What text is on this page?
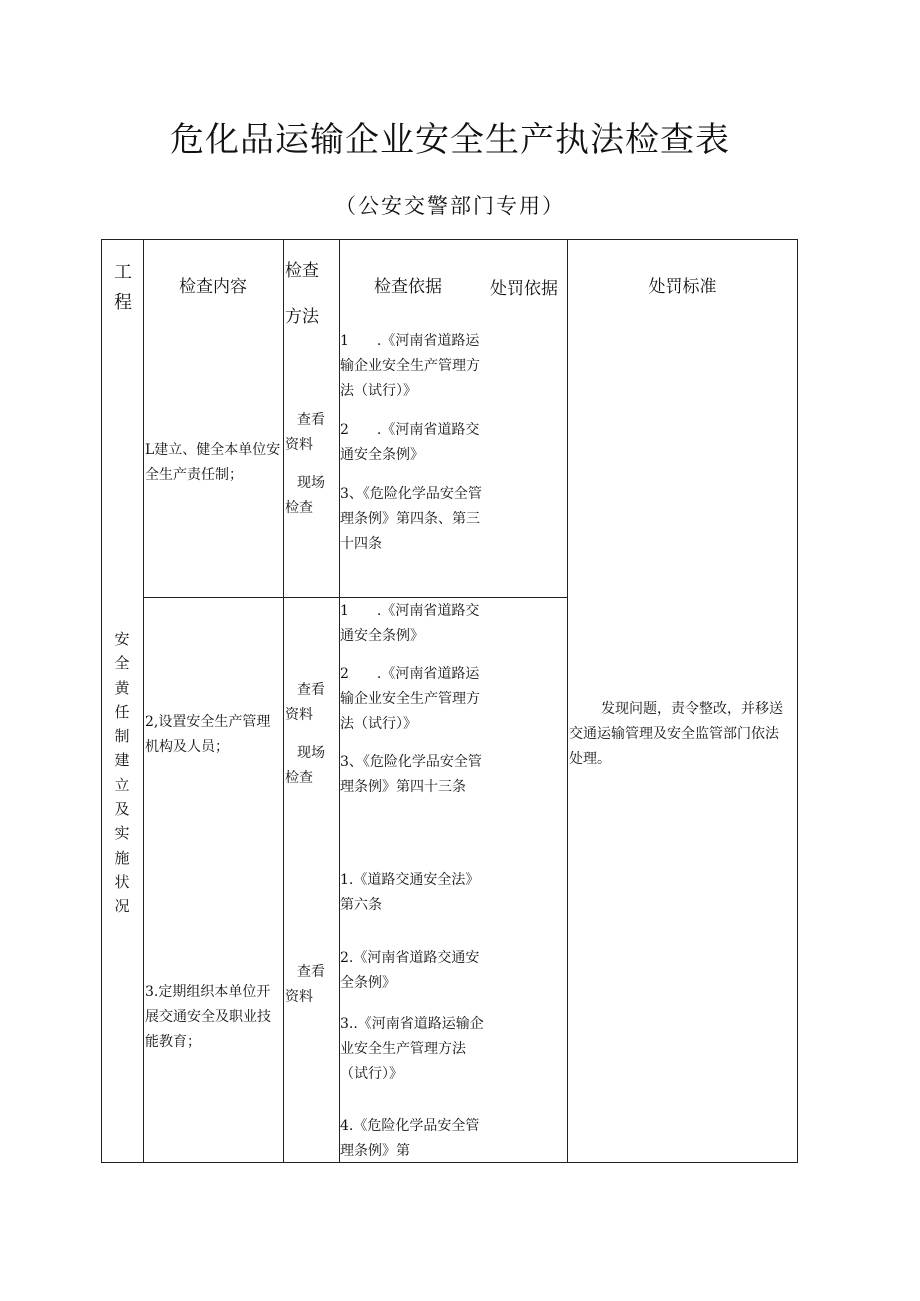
危化品运输企业安全生产执法检查表
（公安交警部门专用）
工程
检查内容
检查方法
检查依据	处罚依据	处罚标准
安全黄任制建立及实施状况
L建立、健全本单位安全生产责任制；
查看资料
现场检查
1　　.《河南省道路运输企业安全生产管理方法（试行）》
2　　.《河南省道路交通安全条例》
3、《危险化学品安全管理条例》第四条、第三十四条
2,设置安全生产管理机构及人员；
查看资料
现场检查
1　　.《河南省道路交通安全条例》
2　　.《河南省道路运输企业安全生产管理方法（试行）》
3、《危险化学品安全管理条例》第四十三条
3.定期组织本单位开展交通安全及职业技能教育；
查看资料
1.《道路交通安全法》第六条
2.《河南省道路交通安全条例》
3..《河南省道路运输企业安全生产管理方法（试行）》
4.《危险化学品安全管理条例》第
发现问题，责令整改，并移送交通运输管理及安全监管部门依法处理。
